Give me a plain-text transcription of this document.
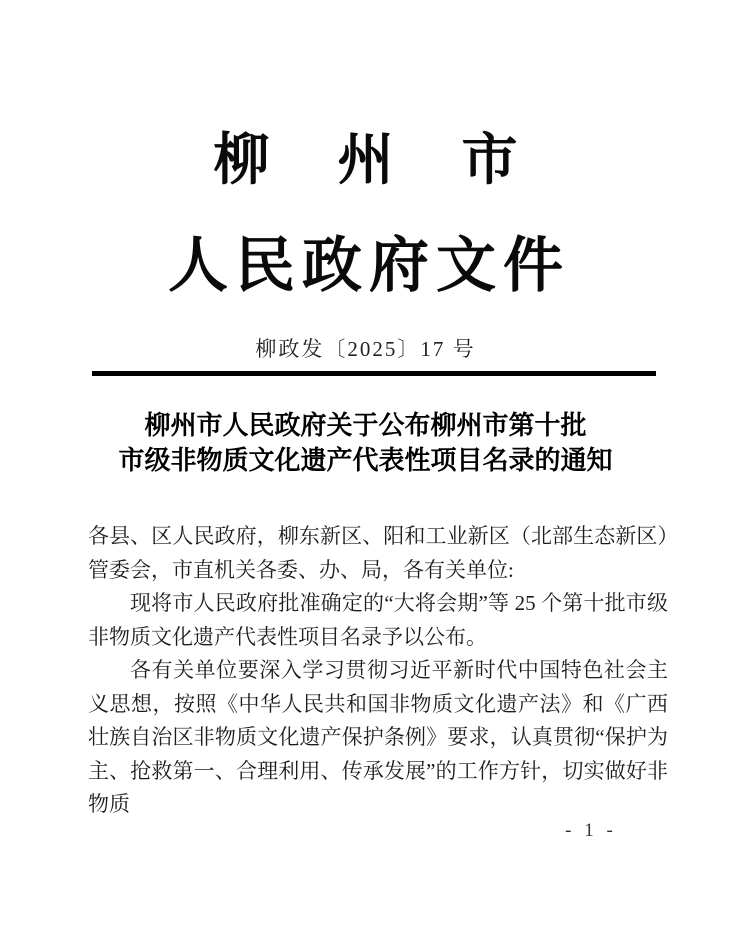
柳州市
人民政府文件
柳政发〔2025〕17 号
柳州市人民政府关于公布柳州市第十批
市级非物质文化遗产代表性项目名录的通知

各县、区人民政府，柳东新区、阳和工业新区（北部生态新区）管委会，市直机关各委、办、局，各有关单位:

现将市人民政府批准确定的“大将会期”等 25 个第十批市级非物质文化遗产代表性项目名录予以公布。

各有关单位要深入学习贯彻习近平新时代中国特色社会主义思想，按照《中华人民共和国非物质文化遗产法》和《广西壮族自治区非物质文化遗产保护条例》要求，认真贯彻“保护为主、抢救第一、合理利用、传承发展”的工作方针，切实做好非物质

- 1 -
